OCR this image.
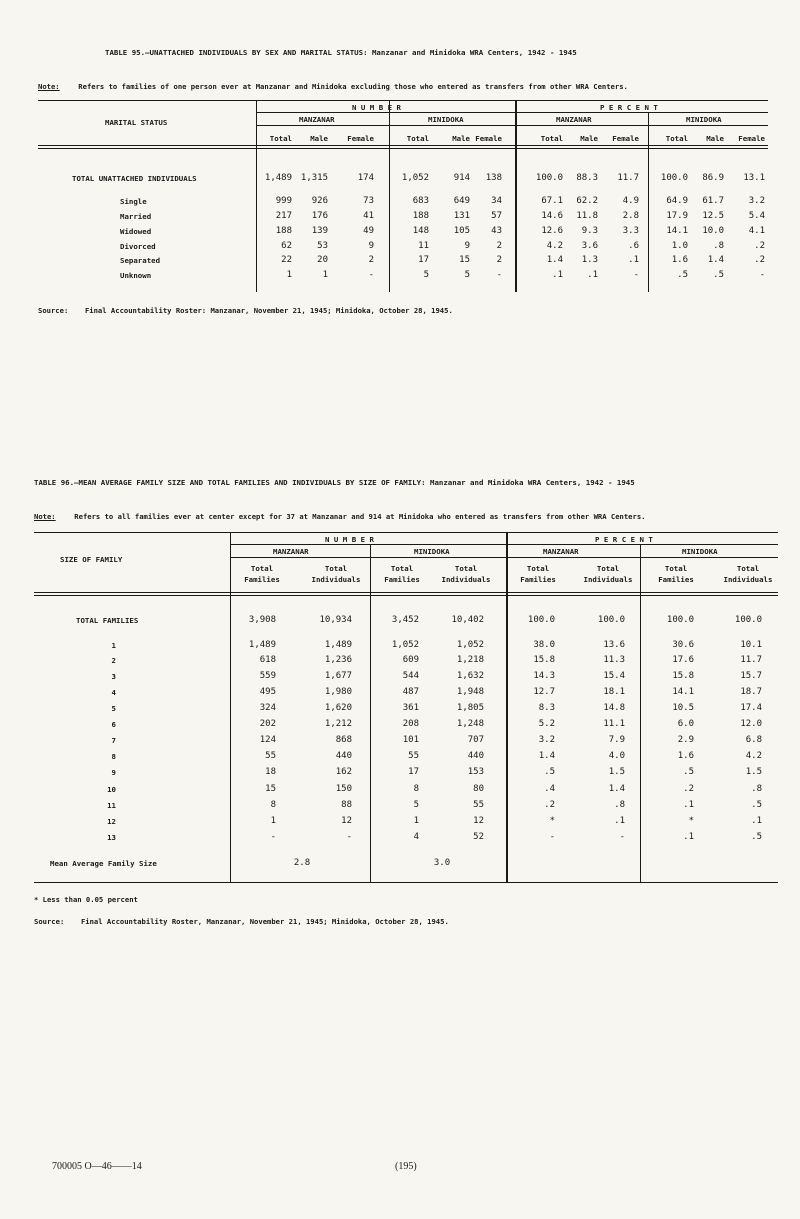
TABLE 95.—UNATTACHED INDIVIDUALS BY SEX AND MARITAL STATUS: Manzanar and Minidoka WRA Centers, 1942 - 1945
Note:	Refers to families of one person ever at Manzanar and Minidoka excluding those who entered as transfers from other WRA Centers.
MARITAL STATUS
N U M B E R	P E R C E N T
MANZANAR	MINIDOKA	MANZANAR	MINIDOKA
Total Male	Female	Total	Male Female	Total Male Female	Total Male Female
TOTAL UNATTACHED INDIVIDUALS	1,489 1,315	174	1,052	914 138	100.0 88.3 11.7 100.0 86.9 13.1
Single	999 926	73	683	649 34	67.1 62.2	4.9	64.9 61.7	3.2
Married	217 176	41	188	131 57	14.6 11.8	2.8	17.9 12.5	5.4
Widowed	188 139	49	148	105 43	12.6 9.3	3.3	14.1 10.0	4.1
Divorced	62	53	9	11	9	2	4.2 3.6	.6	1.0	.8	.2
Separated	22	20	2	17	15	2	1.4 1.3	.1	1.6 1.4	.2
Unknown	1	1	-	5	5	-	.1	.1	-	.5	.5	-
Source: Final Accountability Roster: Manzanar, November 21, 1945; Minidoka, October 28, 1945.
TABLE 96.—MEAN AVERAGE FAMILY SIZE AND TOTAL FAMILIES AND INDIVIDUALS BY SIZE OF FAMILY: Manzanar and Minidoka WRA Centers, 1942 - 1945
Note:	Refers to all families ever at center except for 37 at Manzanar and 914 at Minidoka who entered as transfers from other WRA Centers.
SIZE OF FAMILY
N U M B E R	P E R C E N T
MANZANAR	MINIDOKA	MANZANAR	MINIDOKA
Total
Families
Total
Individuals
Total
Families
Total
Individuals
Total
Families
Total
Individuals
Total
Families
Total
Individuals
TOTAL FAMILIES	3,908	10,934	3,452	10,402	100.0	100.0	100.0	100.0
1	1,489	1,489	1,052	1,052	38.0	13.6	30.6	10.1
2	618	1,236	609	1,218	15.8	11.3	17.6	11.7
3	559	1,677	544	1,632	14.3	15.4	15.8	15.7
4	495	1,980	487	1,948	12.7	18.1	14.1	18.7
5	324	1,620	361	1,805	8.3	14.8	10.5	17.4
6	202	1,212	208	1,248	5.2	11.1	6.0	12.0
7	124	868	101	707	3.2	7.9	2.9	6.8
8	55	440	55	440	1.4	4.0	1.6	4.2
9	18	162	17	153	.5	1.5	.5	1.5
10	15	150	8	80	.4	1.4	.2	.8
11	8	88	5	55	.2	.8	.1	.5
12	1	12	1	12	*	.1	*	.1
13	-	-	4	52	-	-	.1	.5
Mean Average Family Size	2.8	3.0
* Less than 0.05 percent
Source: Final Accountability Roster, Manzanar, November 21, 1945; Minidoka, October 28, 1945.
700005 O—46——14	(195)
